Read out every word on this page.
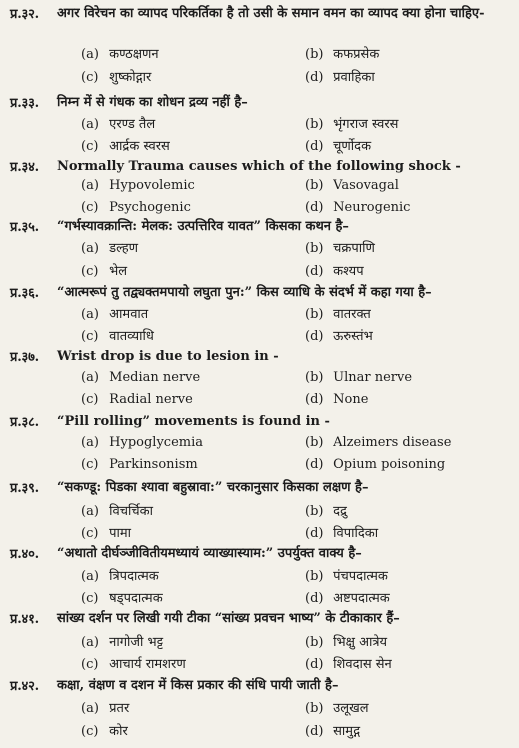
प्र.३२. अगर विरेचन का व्यापद परिकर्तिका है तो उसी के समान वमन का व्यापद क्या होना चाहिए-
(a) कण्ठक्षणन	(b) कफप्रसेक
(c) शुष्कोद्गार	(d) प्रवाहिका
प्र.३३. निम्न में से गंधक का शोधन द्रव्य नहीं है–
(a) एरण्ड तैल	(b) भृंगराज स्वरस
(c) आर्द्रक स्वरस	(d) चूर्णोदक
प्र.३४. Normally Trauma causes which of the following shock -
(a) Hypovolemic	(b) Vasovagal
(c) Psychogenic	(d) Neurogenic
प्र.३५. “गर्भस्यावक्रान्ति: मेलक: उत्पत्तिरिव यावत” किसका कथन है–
(a) डल्हण	(b) चक्रपाणि
(c) भेल	(d) कश्यप
प्र.३६. “आत्मरूपं तु तद्व्यक्तमपायो लघुता पुन:” किस व्याधि के संदर्भ में कहा गया है–
(a) आमवात	(b) वातरक्त
(c) वातव्याधि	(d) ऊरुस्तंभ
प्र.३७. Wrist drop is due to lesion in -
(a) Median nerve	(b) Ulnar nerve
(c) Radial nerve	(d) None
प्र.३८. “Pill rolling” movements is found in -
(a) Hypoglycemia	(b) Alzeimers disease
(c) Parkinsonism	(d) Opium poisoning
प्र.३९. “सकण्डू: पिडका श्यावा बहुस्रावा:” चरकानुसार किसका लक्षण है–
(a) विचर्चिका	(b) दद्रु
(c) पामा	(d) विपादिका
प्र.४०. “अथातो दीर्घञ्जीवितीयमध्यायं व्याख्यास्याम:” उपर्युक्त वाक्य है–
(a) त्रिपदात्मक	(b) पंचपदात्मक
(c) षड्पदात्मक	(d) अष्टपदात्मक
प्र.४१. सांख्य दर्शन पर लिखी गयी टीका “सांख्य प्रवचन भाष्य” के टीकाकार हैं–
(a) नागोजी भट्ट	(b) भिक्षु आत्रेय
(c) आचार्य रामशरण	(d) शिवदास सेन
प्र.४२. कक्षा, वंक्षण व दशन में किस प्रकार की संधि पायी जाती है–
(a) प्रतर	(b) उलूखल
(c) कोर	(d) सामुद्ग
